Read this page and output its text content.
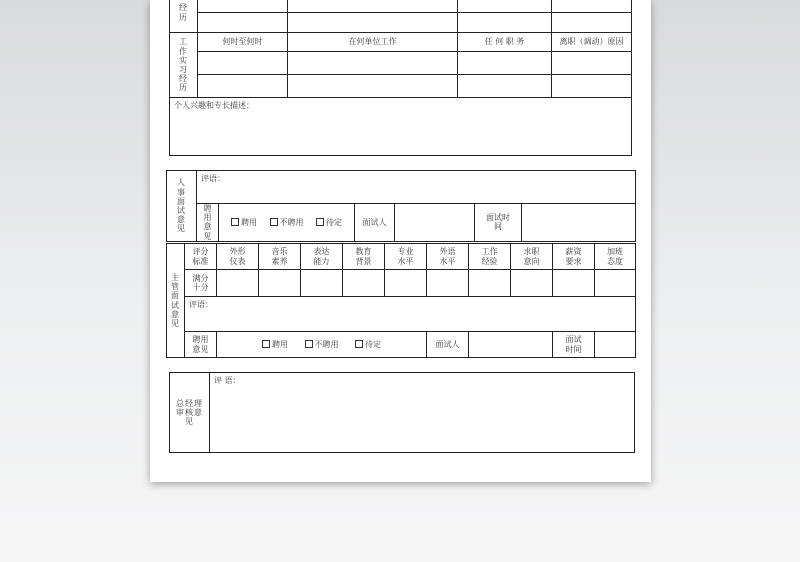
经历				

工作实习经历	何时至何时	在何单位工作	任 何 职 务	离职（调动）原因

个人兴趣和专长描述：				
人事面试意见	评语：					
	聘用意见	聘用 不聘用 待定	面试人		面试时间	
主管面试意见	评分标准	外形仪表	音乐素养	表达能力	教育背景	专业水平	外语水平	工作经验	求职意向	薪资要求	加班态度
	满分十分										
	评语：										
	聘用意见	聘用 不聘用 待定					面试人			面试时间	
总经理审核意见	评 语：
